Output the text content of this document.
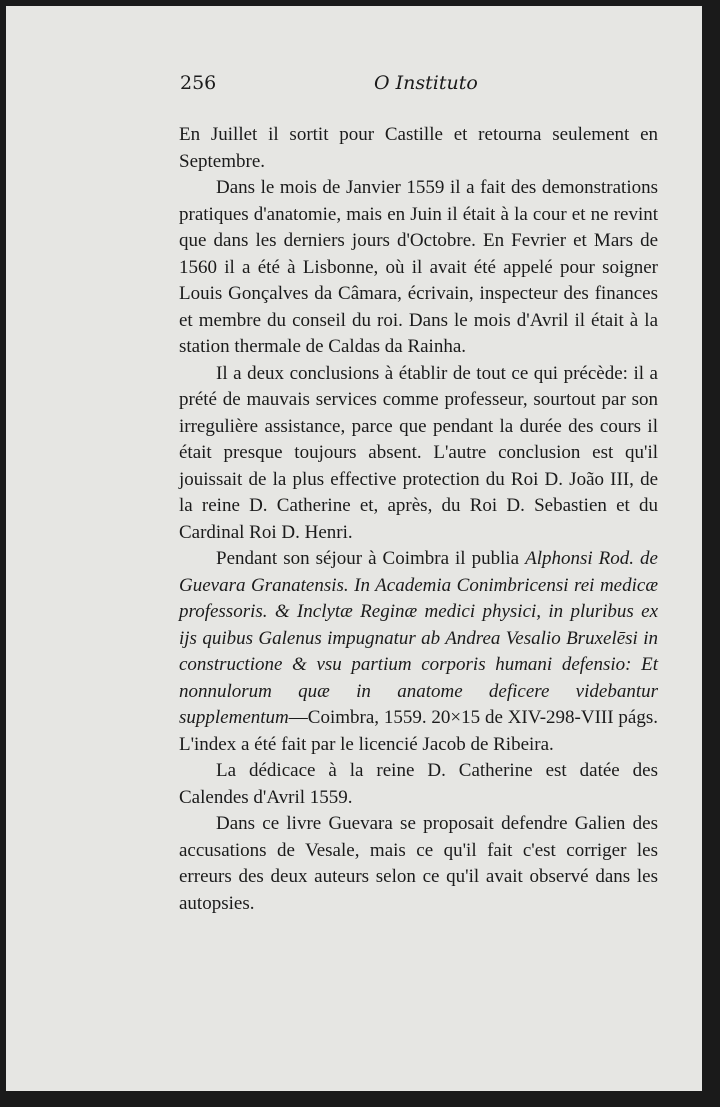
256	O Instituto

En Juillet il sortit pour Castille et retourna seulement en Septembre.

Dans le mois de Janvier 1559 il a fait des demonstrations pratiques d'anatomie, mais en Juin il était à la cour et ne revint que dans les derniers jours d'Octobre. En Fevrier et Mars de 1560 il a été à Lisbonne, où il avait été appelé pour soigner Louis Gonçalves da Câmara, écrivain, inspecteur des finances et membre du conseil du roi. Dans le mois d'Avril il était à la station thermale de Caldas da Rainha.

Il a deux conclusions à établir de tout ce qui précède: il a prété de mauvais services comme professeur, sourtout par son irregulière assistance, parce que pendant la durée des cours il était presque toujours absent. L'autre conclusion est qu'il jouissait de la plus effective protection du Roi D. João III, de la reine D. Catherine et, après, du Roi D. Sebastien et du Cardinal Roi D. Henri.

Pendant son séjour à Coimbra il publia Alphonsi Rod. de Guevara Granatensis. In Academia Conimbricensi rei medicæ professoris. & Inclytæ Reginæ medici physici, in pluribus ex ijs quibus Galenus impugnatur ab Andrea Vesalio Bruxelēsi in constructione & vsu partium corporis humani defensio: Et nonnulorum quæ in anatome deficere videbantur supplementum—Coimbra, 1559. 20×15 de XIV-298-VIII págs. L'index a été fait par le licencié Jacob de Ribeira.

La dédicace à la reine D. Catherine est datée des Calendes d'Avril 1559.

Dans ce livre Guevara se proposait defendre Galien des accusations de Vesale, mais ce qu'il fait c'est corriger les erreurs des deux auteurs selon ce qu'il avait observé dans les autopsies.
